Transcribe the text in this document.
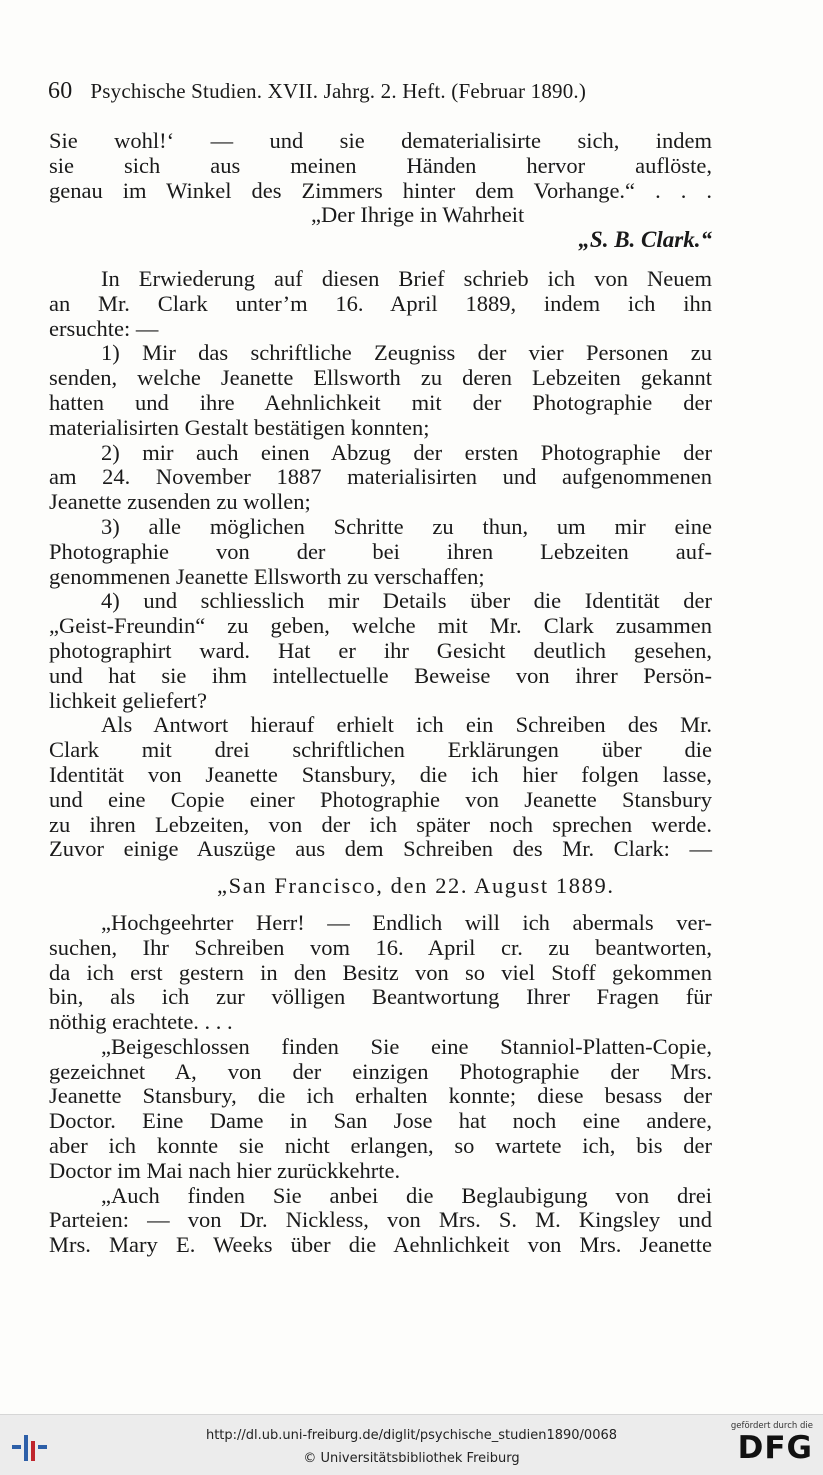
60 Psychische Studien. XVII. Jahrg. 2. Heft. (Februar 1890.)
Sie wohl!‘ — und sie dematerialisirte sich, indem
sie sich aus meinen Händen hervor auflöste,
genau im Winkel des Zimmers hinter dem Vorhange.“ . . .
„Der Ihrige in Wahrheit
„S. B. Clark.“
In Erwiederung auf diesen Brief schrieb ich von Neuem
an Mr. Clark unter’m 16. April 1889, indem ich ihn
ersuchte: —
1) Mir das schriftliche Zeugniss der vier Personen zu
senden, welche Jeanette Ellsworth zu deren Lebzeiten gekannt
hatten und ihre Aehnlichkeit mit der Photographie der
materialisirten Gestalt bestätigen konnten;
2) mir auch einen Abzug der ersten Photographie der
am 24. November 1887 materialisirten und aufgenommenen
Jeanette zusenden zu wollen;
3) alle möglichen Schritte zu thun, um mir eine
Photographie von der bei ihren Lebzeiten auf-
genommenen Jeanette Ellsworth zu verschaffen;
4) und schliesslich mir Details über die Identität der
„Geist-Freundin“ zu geben, welche mit Mr. Clark zusammen
photographirt ward. Hat er ihr Gesicht deutlich gesehen,
und hat sie ihm intellectuelle Beweise von ihrer Persön-
lichkeit geliefert?
Als Antwort hierauf erhielt ich ein Schreiben des Mr.
Clark mit drei schriftlichen Erklärungen über die
Identität von Jeanette Stansbury, die ich hier folgen lasse,
und eine Copie einer Photographie von Jeanette Stansbury
zu ihren Lebzeiten, von der ich später noch sprechen werde.
Zuvor einige Auszüge aus dem Schreiben des Mr. Clark: —
„San Francisco, den 22. August 1889.
„Hochgeehrter Herr! — Endlich will ich abermals ver-
suchen, Ihr Schreiben vom 16. April cr. zu beantworten,
da ich erst gestern in den Besitz von so viel Stoff gekommen
bin, als ich zur völligen Beantwortung Ihrer Fragen für
nöthig erachtete. . . .
„Beigeschlossen finden Sie eine Stanniol-Platten-Copie,
gezeichnet A, von der einzigen Photographie der Mrs.
Jeanette Stansbury, die ich erhalten konnte; diese besass der
Doctor. Eine Dame in San Jose hat noch eine andere,
aber ich konnte sie nicht erlangen, so wartete ich, bis der
Doctor im Mai nach hier zurückkehrte.
„Auch finden Sie anbei die Beglaubigung von drei
Parteien: — von Dr. Nickless, von Mrs. S. M. Kingsley und
Mrs. Mary E. Weeks über die Aehnlichkeit von Mrs. Jeanette
http://dl.ub.uni-freiburg.de/diglit/psychische_studien1890/0068
© Universitätsbibliothek Freiburg
gefördert durch die
DFG
